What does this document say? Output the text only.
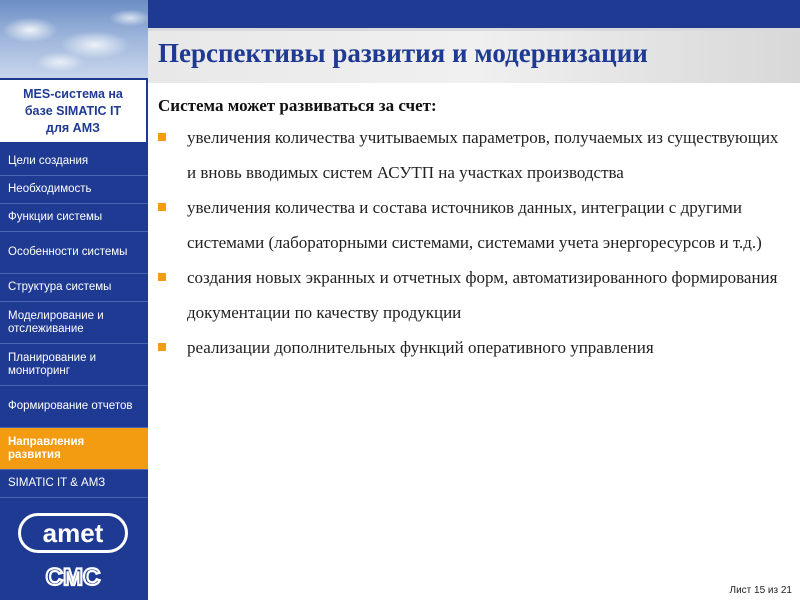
MES-система на
базе SIMATIC IT
для АМЗ
Цели создания
Необходимость
Функции системы
Особенности системы
Структура системы
Моделирование и отслеживание
Планирование и мониторинг
Формирование отчетов
Направления развития
SIMATIC IT & АМЗ
amet
CMC
Перспективы развития и модернизации
Система может развиваться за счет:
увеличения количества учитываемых параметров, получаемых из существующих и вновь вводимых систем АСУТП на участках производства
увеличения количества и состава источников данных, интеграции с другими системами (лабораторными системами, системами учета энергоресурсов и т.д.)
создания новых экранных и отчетных форм, автоматизированного формирования документации по качеству продукции
реализации дополнительных функций оперативного управления
Лист 15 из 21
